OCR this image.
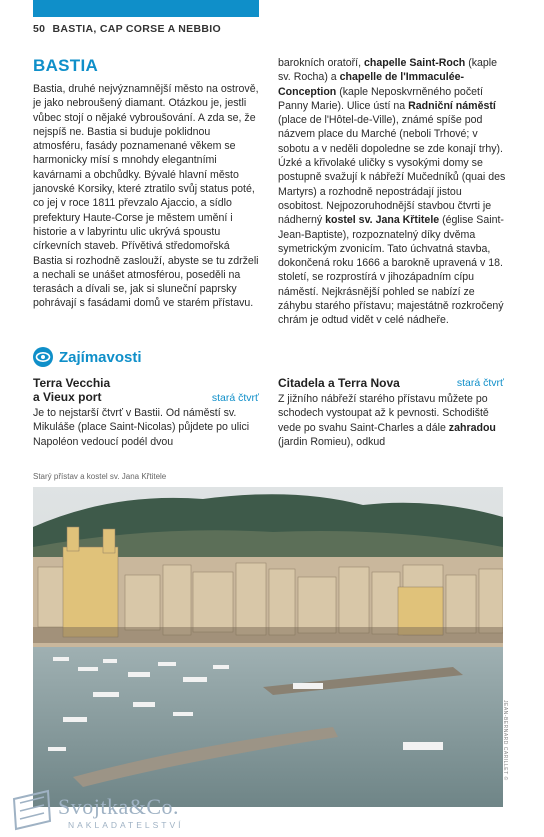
50 BASTIA, CAP CORSE A NEBBIO
BASTIA

Bastia, druhé nejvýznamnější město na ostrově, je jako nebroušený diamant. Otázkou je, jestli vůbec stojí o nějaké vybroušování. A zda se, že nejspíš ne. Bastia si buduje poklidnou atmosféru, fasády poznamenané věkem se harmonicky mísí s mnohdy elegantními kavárnami a obchůdky. Bývalé hlavní město janovské Korsiky, které ztratilo svůj status poté, co jej v roce 1811 převzalo Ajaccio, a sídlo prefektury Haute-Corse je městem umění i historie a v labyrintu ulic ukrývá spoustu církevních staveb. Přívětivá středomořská Bastia si rozhodně zaslouží, abyste se tu zdrželi a nechali se unášet atmosférou, poseděli na terasách a dívali se, jak si sluneční paprsky pohrávají s fasádami domů ve starém přístavu.

Zajímavosti
Terra Vecchia
a Vieux port	stará čtvrť

Je to nejstarší čtvrť v Bastii. Od náměstí sv. Mikuláše (place Saint-Nicolas) půjdete po ulici Napoléon vedoucí podél dvou

barokních oratoří, chapelle Saint-Roch (kaple sv. Rocha) a chapelle de l'Immaculée-Conception (kaple Neposkvrněného početí Panny Marie). Ulice ústí na Radniční náměstí (place de l'Hôtel-de-Ville), známé spíše pod názvem place du Marché (neboli Trhové; v sobotu a v neděli dopoledne se zde konají trhy). Úzké a křivolaké uličky s vysokými domy se postupně svažují k nábřeží Mučedníků (quai des Martyrs) a rozhodně nepostrádají jistou osobitost. Nejpozoruhodnější stavbou čtvrti je nádherný kostel sv. Jana Křtitele (église Saint-Jean-Baptiste), rozpoznatelný díky dvěma symetrickým zvonicím. Tato úchvatná stavba, dokončená roku 1666 a barokně upravená v 18. století, se rozprostírá v jihozápadním cípu náměstí. Nejkrásnější pohled se nabízí ze záhybu starého přístavu; majestátně rozkročený chrám je odtud vidět v celé nádheře.

Citadela a Terra Nova	stará čtvrť

Z jižního nábřeží starého přístavu můžete po schodech vystoupat až k pevnosti. Schodiště vede po svahu Saint-Charles a dále zahradou (jardin Romieu), odkud

Starý přístav a kostel sv. Jana Křtitele
JEAN-BERNARD CARILLET ©
Svojtka&Co.
NAKLADATELSTVÍ
